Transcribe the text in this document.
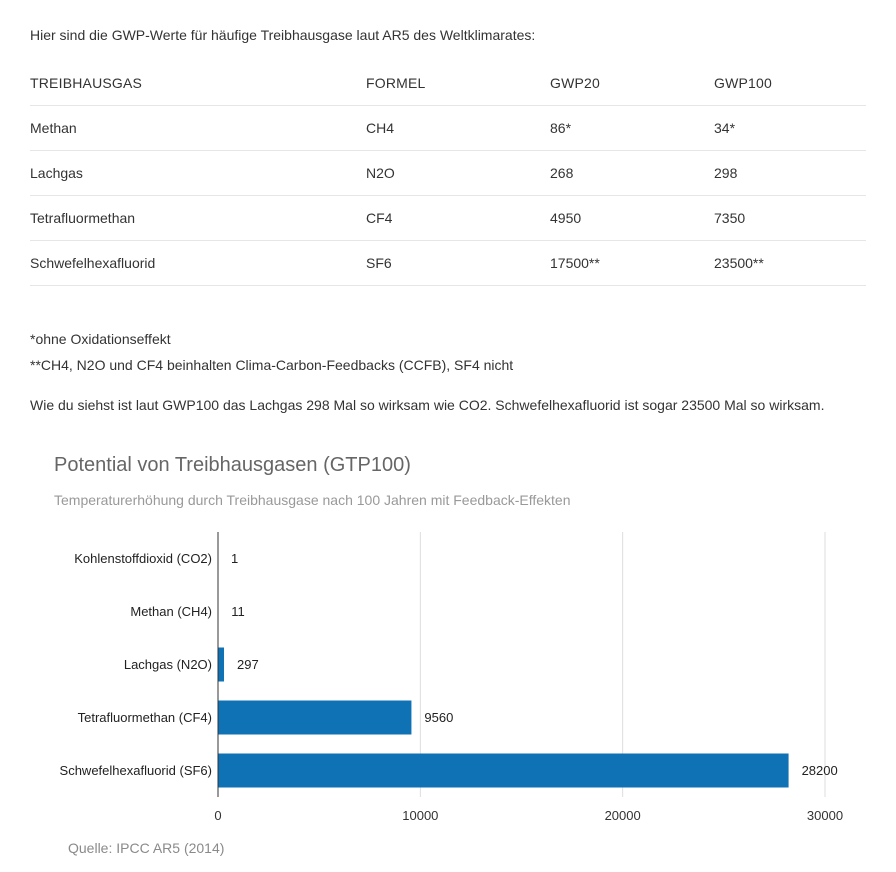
Hier sind die GWP-Werte für häufige Treibhausgase laut AR5 des Weltklimarates:
TREIBHAUSGAS	FORMEL	GWP20	GWP100
Methan	CH4	86*	34*
Lachgas	N2O	268	298
Tetrafluormethan	CF4	4950	7350
Schwefelhexafluorid	SF6	17500**	23500**
*ohne Oxidationseffekt
**CH4, N2O und CF4 beinhalten Clima-Carbon-Feedbacks (CCFB), SF4 nicht
Wie du siehst ist laut GWP100 das Lachgas 298 Mal so wirksam wie CO2. Schwefelhexafluorid ist sogar 23500 Mal so wirksam.
Potential von Treibhausgasen (GTP100)
Temperaturerhöhung durch Treibhausgase nach 100 Jahren mit Feedback-Effekten
0	10000	20000	30000
Kohlenstoffdioxid (CO2) 1
Methan (CH4) 11
Lachgas (N2O) 297
Tetrafluormethan (CF4)	9560
Schwefelhexafluorid (SF6)	28200
Quelle: IPCC AR5 (2014)
